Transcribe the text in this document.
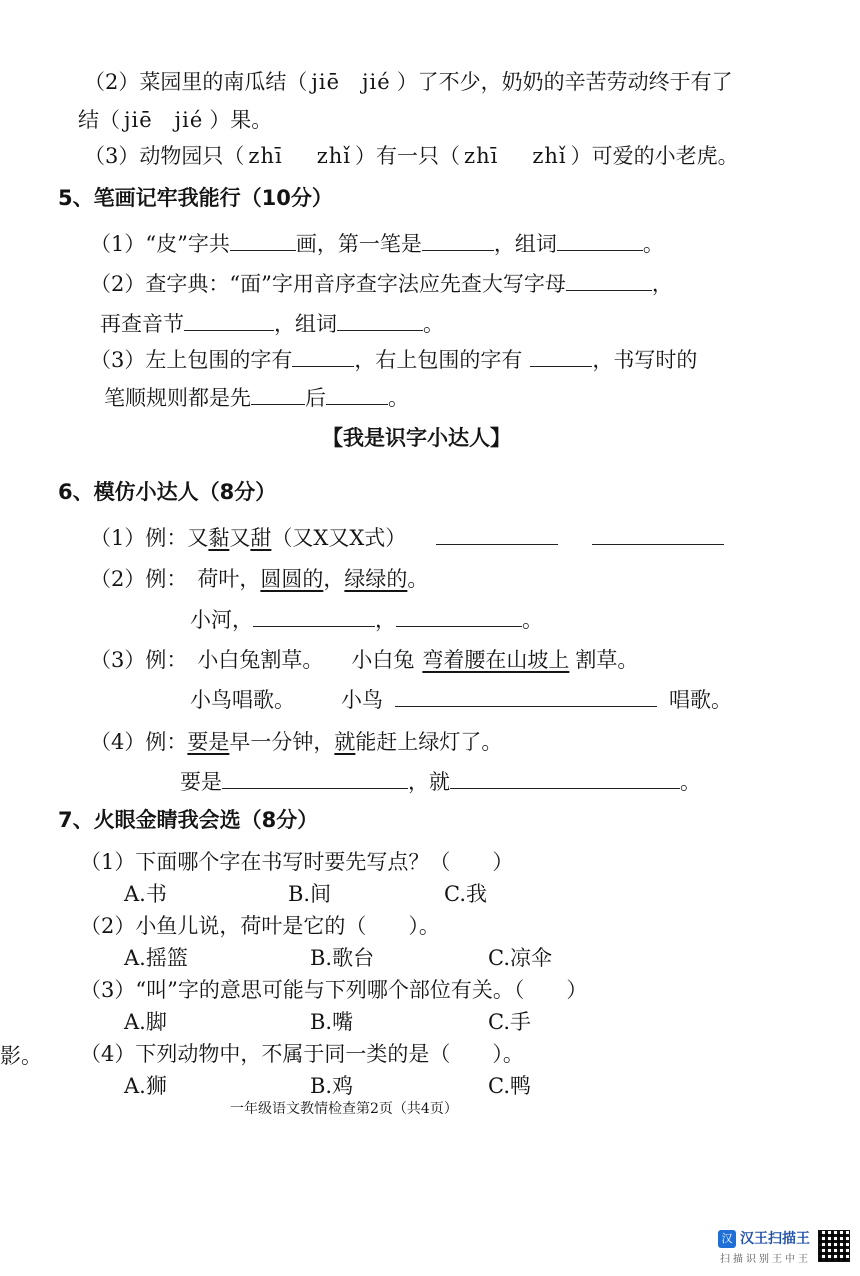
（2）菜园里的南瓜结（ jiē jié ）了不少，奶奶的辛苦劳动终于有了
结（ jiē jié ）果。
（3）动物园只（ zhī zhǐ ）有一只（ zhī zhǐ ）可爱的小老虎。
5、笔画记牢我能行（10分）
（1）“皮”字共	画，第一笔是	，组词	。
（2）查字典：“面”字用音序查字法应先查大写字母	，
再查音节	，组词	。
（3）左上包围的字有	，右上包围的字有	，书写时的
笔顺规则都是先	后	。
【我是识字小达人】
6、模仿小达人（8分）
（1）例：又黏又甜（又X又X式）
（2）例： 荷叶，圆圆的，绿绿的。
小河，	，	。
（3）例： 小白兔割草。 小白兔 弯着腰在山坡上 割草。
小鸟唱歌。 小鸟	唱歌。
（4）例：要是早一分钟，就能赶上绿灯了。
要是	，就	。
7、火眼金睛我会选（8分）
（1）下面哪个字在书写时要先写点？（　　）
A.书	B.间	C.我
（2）小鱼儿说，荷叶是它的（　　）。
A.摇篮	B.歌台	C.凉伞
（3）“叫”字的意思可能与下列哪个部位有关。（　　）
A.脚	B.嘴	C.手
影。 （4）下列动物中，不属于同一类的是（　　）。
A.狮	B.鸡	C.鸭
一年级语文教情检查第2页（共4页）
汉 汉王扫描王
扫描识别王中王
